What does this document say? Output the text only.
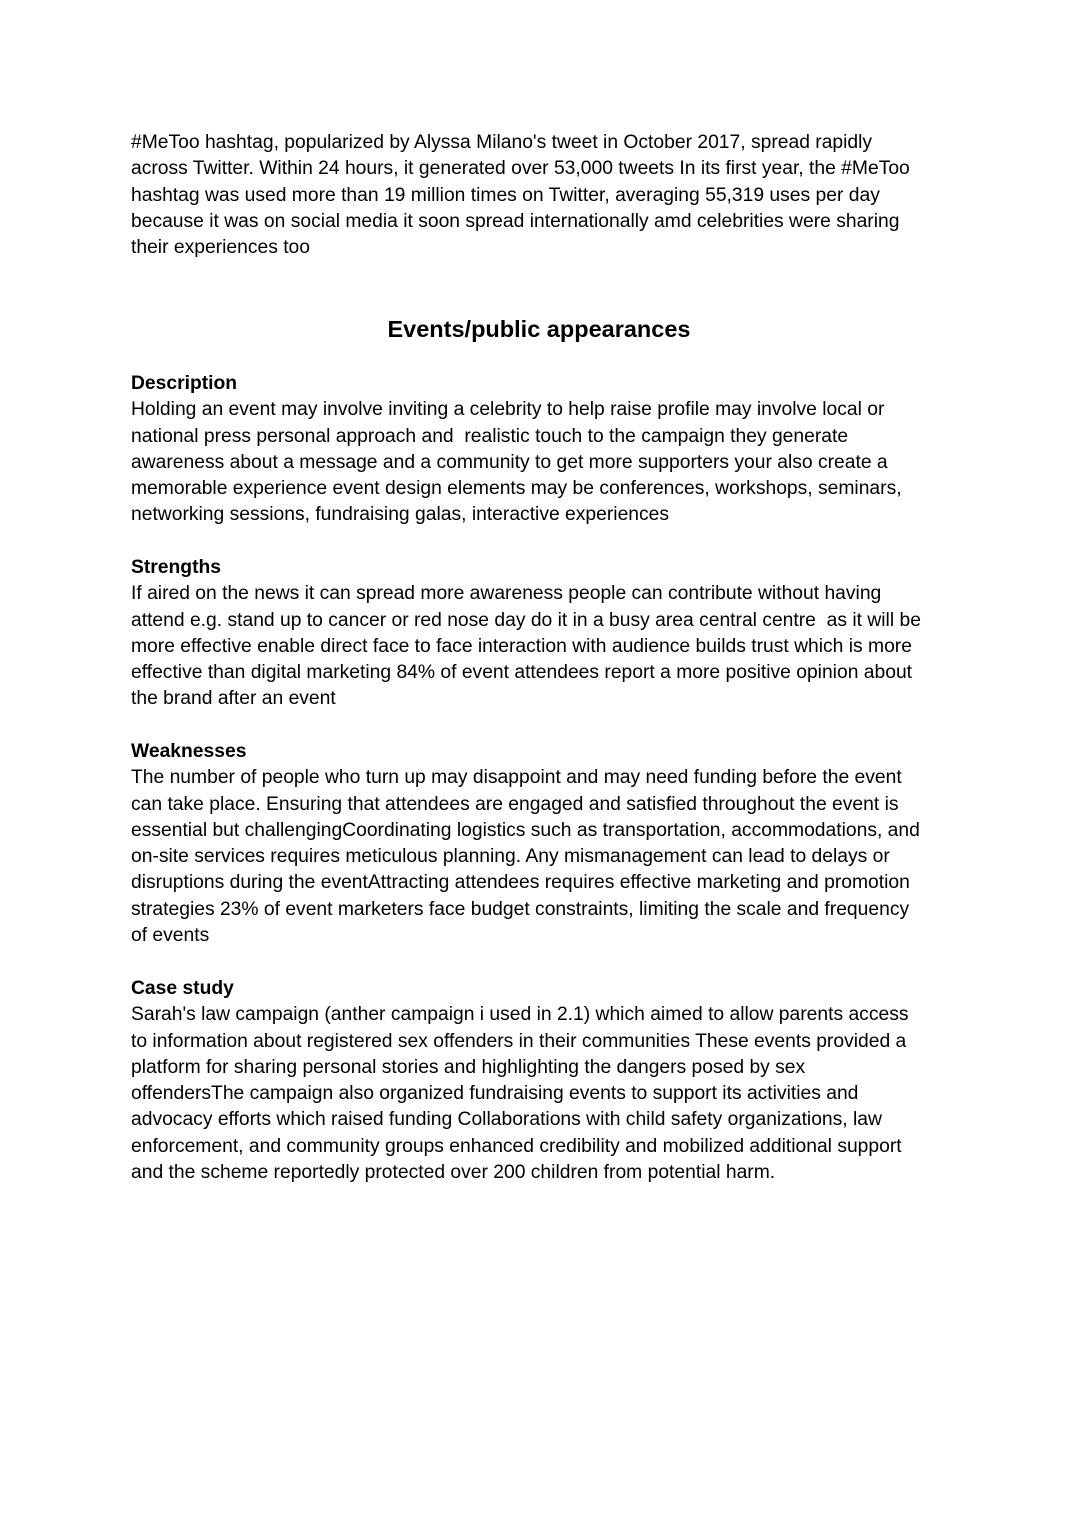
#MeToo hashtag, popularized by Alyssa Milano's tweet in October 2017, spread rapidly
across Twitter. Within 24 hours, it generated over 53,000 tweets In its first year, the #MeToo
hashtag was used more than 19 million times on Twitter, averaging 55,319 uses per day
because it was on social media it soon spread internationally amd celebrities were sharing
their experiences too
Events/public appearances
Description
Holding an event may involve inviting a celebrity to help raise profile may involve local or
national press personal approach and  realistic touch to the campaign they generate
awareness about a message and a community to get more supporters your also create a
memorable experience event design elements may be conferences, workshops, seminars,
networking sessions, fundraising galas, interactive experiences
Strengths
If aired on the news it can spread more awareness people can contribute without having
attend e.g. stand up to cancer or red nose day do it in a busy area central centre  as it will be
more effective enable direct face to face interaction with audience builds trust which is more
effective than digital marketing 84% of event attendees report a more positive opinion about
the brand after an event
Weaknesses
The number of people who turn up may disappoint and may need funding before the event
can take place. Ensuring that attendees are engaged and satisfied throughout the event is
essential but challengingCoordinating logistics such as transportation, accommodations, and
on-site services requires meticulous planning. Any mismanagement can lead to delays or
disruptions during the eventAttracting attendees requires effective marketing and promotion
strategies 23% of event marketers face budget constraints, limiting the scale and frequency
of events
Case study
Sarah's law campaign (anther campaign i used in 2.1) which aimed to allow parents access
to information about registered sex offenders in their communities These events provided a
platform for sharing personal stories and highlighting the dangers posed by sex
offendersThe campaign also organized fundraising events to support its activities and
advocacy efforts which raised funding Collaborations with child safety organizations, law
enforcement, and community groups enhanced credibility and mobilized additional support
and the scheme reportedly protected over 200 children from potential harm.
